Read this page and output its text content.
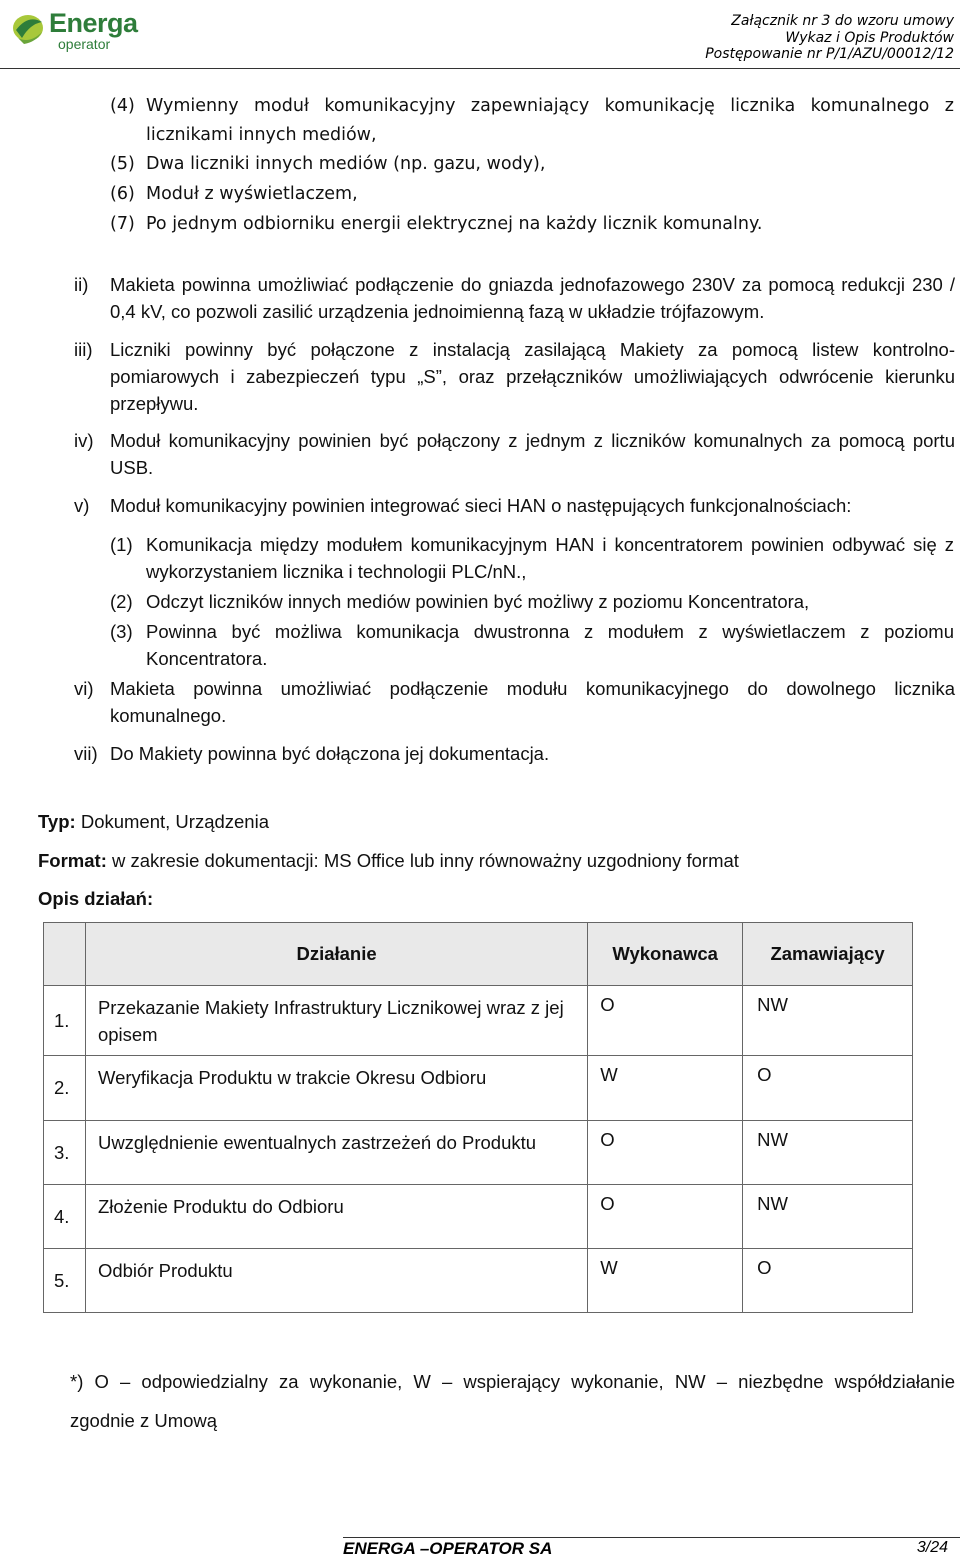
Energa
operator
Załącznik nr 3 do wzoru umowy
Wykaz i Opis Produktów
Postępowanie nr P/1/AZU/00012/12
(4) Wymienny moduł komunikacyjny zapewniający komunikację licznika komunalnego z licznikami innych mediów,
(5) Dwa liczniki innych mediów (np. gazu, wody),
(6) Moduł z wyświetlaczem,
(7) Po jednym odbiorniku energii elektrycznej na każdy licznik komunalny.
ii) Makieta powinna umożliwiać podłączenie do gniazda jednofazowego 230V za pomocą redukcji 230 / 0,4 kV, co pozwoli zasilić urządzenia jednoimienną fazą w układzie trójfazowym.
iii) Liczniki powinny być połączone z instalacją zasilającą Makiety za pomocą listew kontrolno-pomiarowych i zabezpieczeń typu „S”, oraz przełączników umożliwiających odwrócenie kierunku przepływu.
iv) Moduł komunikacyjny powinien być połączony z jednym z liczników komunalnych za pomocą portu USB.
v) Moduł komunikacyjny powinien integrować sieci HAN o następujących funkcjonalnościach:
(1) Komunikacja między modułem komunikacyjnym HAN i koncentratorem powinien odbywać się z wykorzystaniem licznika i technologii PLC/nN.,
(2) Odczyt liczników innych mediów powinien być możliwy z poziomu Koncentratora,
(3) Powinna być możliwa komunikacja dwustronna z modułem z wyświetlaczem z poziomu Koncentratora.
vi) Makieta powinna umożliwiać podłączenie modułu komunikacyjnego do dowolnego licznika komunalnego.
vii) Do Makiety powinna być dołączona jej dokumentacja.
Typ: Dokument, Urządzenia
Format: w zakresie dokumentacji: MS Office lub inny równoważny uzgodniony format
Opis działań:
	Działanie	Wykonawca	Zamawiający
1.	Przekazanie Makiety Infrastruktury Licznikowej wraz z jej opisem	O	NW
2.	Weryfikacja Produktu w trakcie Okresu Odbioru	W	O
3.	Uwzględnienie ewentualnych zastrzeżeń do Produktu	O	NW
4.	Złożenie Produktu do Odbioru	O	NW
5.	Odbiór Produktu	W	O
*) O – odpowiedzialny za wykonanie, W – wspierający wykonanie, NW – niezbędne współdziałanie
zgodnie z Umową
ENERGA –OPERATOR SA	3/24
